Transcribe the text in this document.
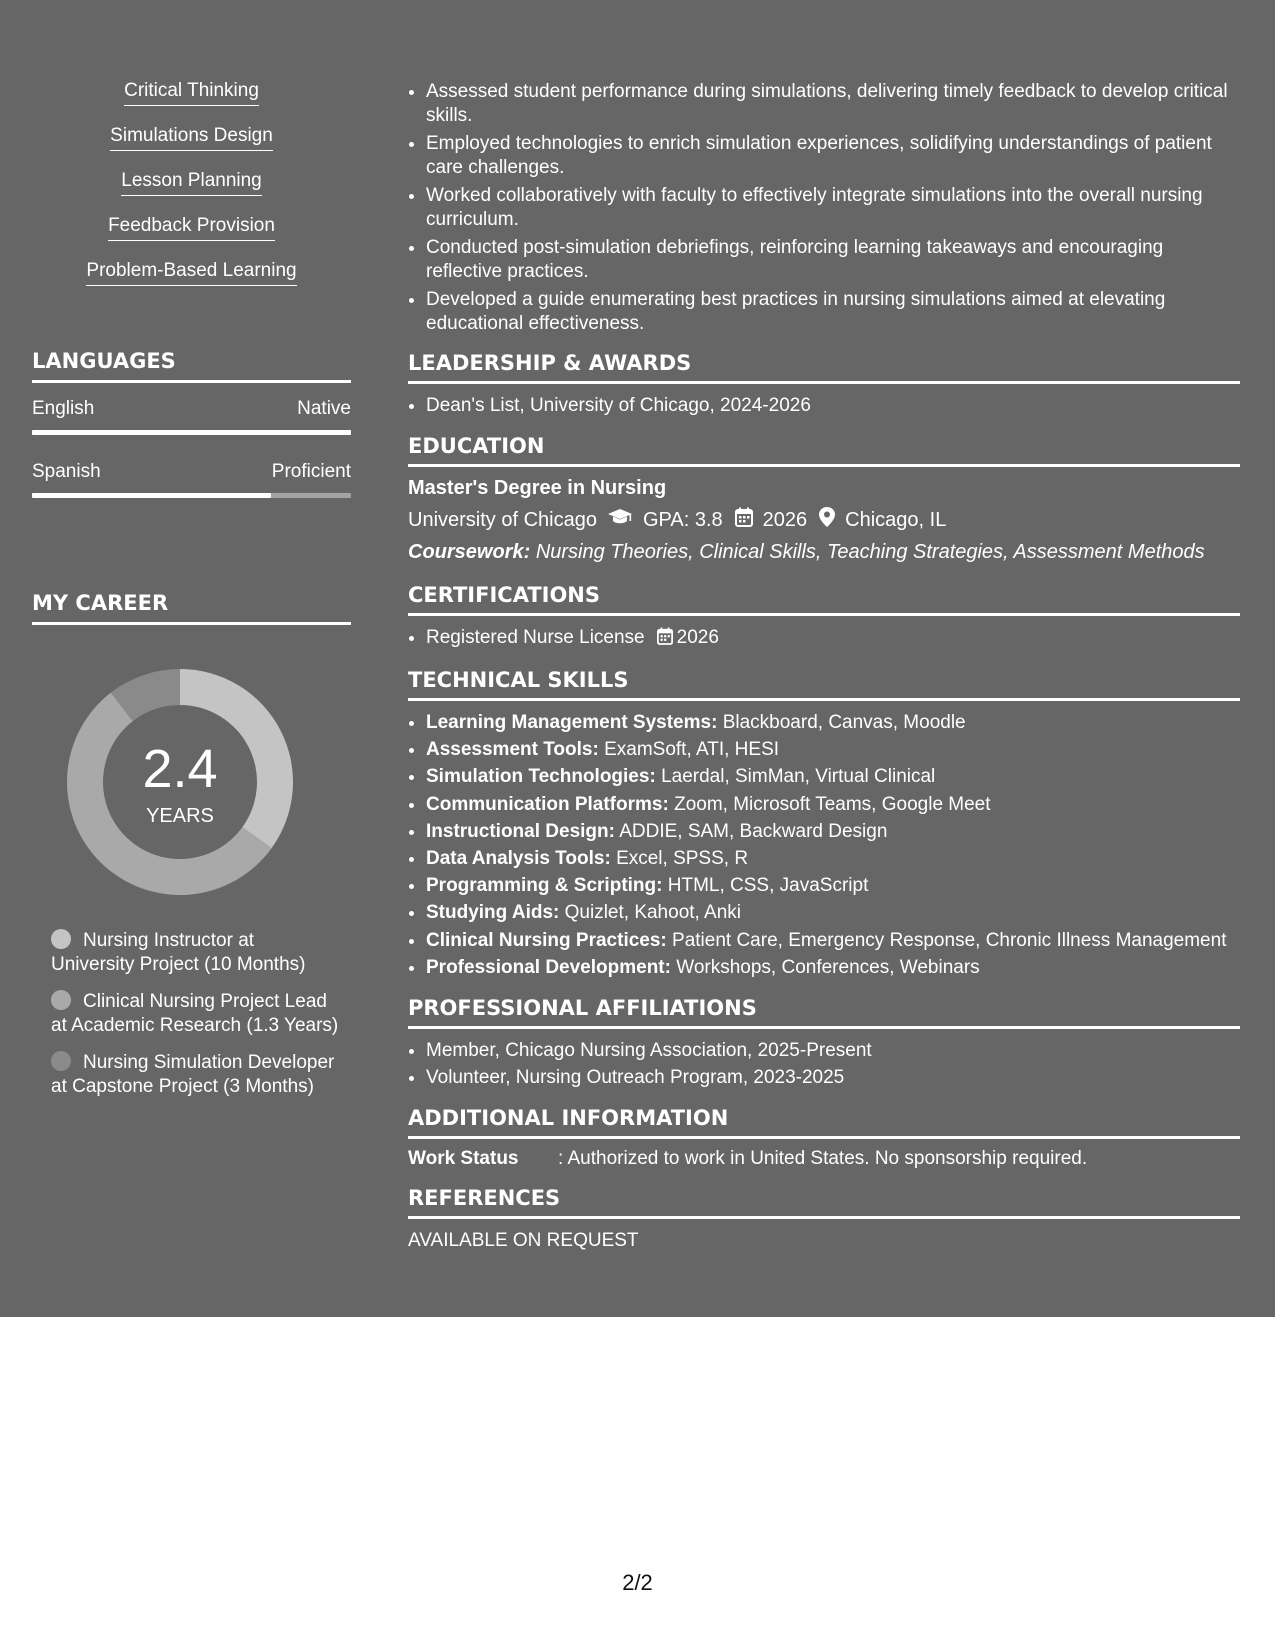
Critical Thinking
Simulations Design
Lesson Planning
Feedback Provision
Problem-Based Learning
LANGUAGES
English	Native
Spanish	Proficient
MY CAREER
2.4
YEARS
Nursing Instructor at University Project (10 Months)
Clinical Nursing Project Lead at Academic Research (1.3 Years)
Nursing Simulation Developer at Capstone Project (3 Months)
• Assessed student performance during simulations, delivering timely feedback to develop critical skills.
• Employed technologies to enrich simulation experiences, solidifying understandings of patient care challenges.
• Worked collaboratively with faculty to effectively integrate simulations into the overall nursing curriculum.
• Conducted post-simulation debriefings, reinforcing learning takeaways and encouraging reflective practices.
• Developed a guide enumerating best practices in nursing simulations aimed at elevating educational effectiveness.
LEADERSHIP & AWARDS
• Dean's List, University of Chicago, 2024-2026
EDUCATION
Master's Degree in Nursing
University of Chicago GPA: 3.8 2026 Chicago, IL
Coursework: Nursing Theories, Clinical Skills, Teaching Strategies, Assessment Methods
CERTIFICATIONS
• Registered Nurse License 2026
TECHNICAL SKILLS
• Learning Management Systems: Blackboard, Canvas, Moodle
• Assessment Tools: ExamSoft, ATI, HESI
• Simulation Technologies: Laerdal, SimMan, Virtual Clinical
• Communication Platforms: Zoom, Microsoft Teams, Google Meet
• Instructional Design: ADDIE, SAM, Backward Design
• Data Analysis Tools: Excel, SPSS, R
• Programming & Scripting: HTML, CSS, JavaScript
• Studying Aids: Quizlet, Kahoot, Anki
• Clinical Nursing Practices: Patient Care, Emergency Response, Chronic Illness Management
• Professional Development: Workshops, Conferences, Webinars
PROFESSIONAL AFFILIATIONS
• Member, Chicago Nursing Association, 2025-Present
• Volunteer, Nursing Outreach Program, 2023-2025
ADDITIONAL INFORMATION
Work Status	: Authorized to work in United States. No sponsorship required.
REFERENCES
AVAILABLE ON REQUEST
2/2
